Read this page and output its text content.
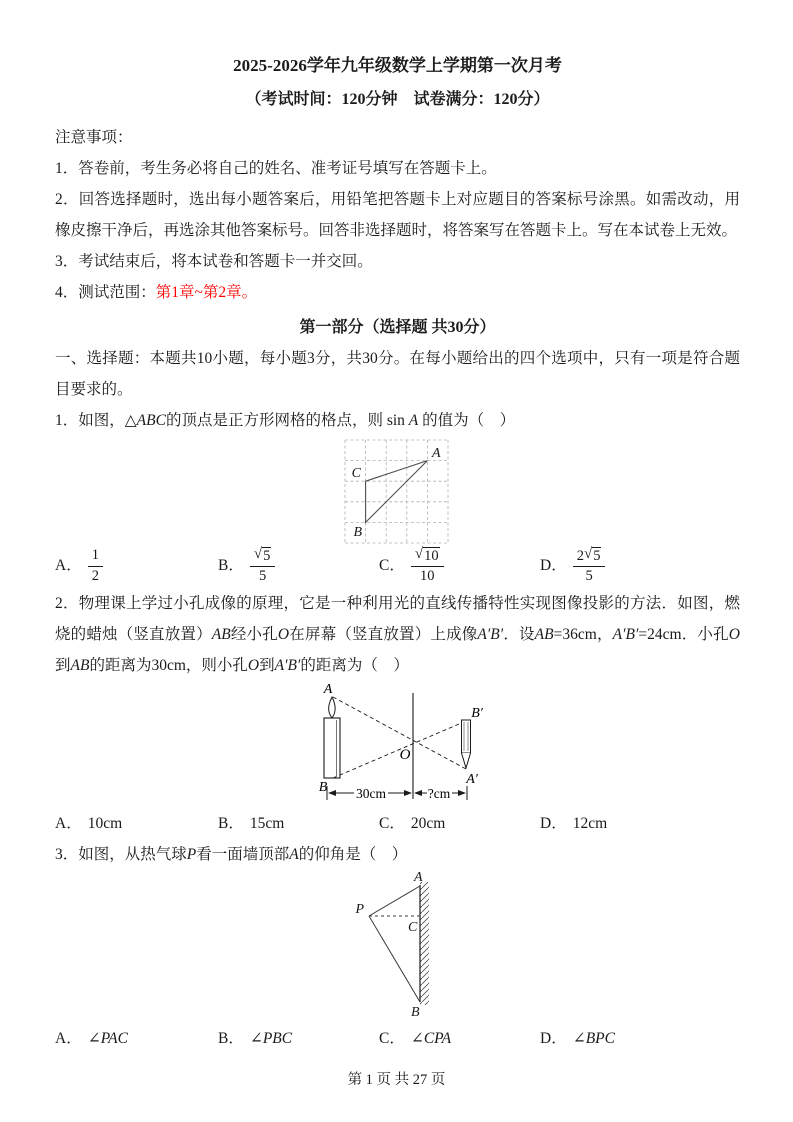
2025-2026学年九年级数学上学期第一次月考
（考试时间：120分钟　试卷满分：120分）
注意事项：
1．答卷前，考生务必将自己的姓名、准考证号填写在答题卡上。
2．回答选择题时，选出每小题答案后，用铅笔把答题卡上对应题目的答案标号涂黑。如需改动，用橡皮擦干净后，再选涂其他答案标号。回答非选择题时，将答案写在答题卡上。写在本试卷上无效。
3．考试结束后，将本试卷和答题卡一并交回。
4．测试范围：第1章~第2章。
第一部分（选择题 共30分）
一、选择题：本题共10小题，每小题3分，共30分。在每小题给出的四个选项中，只有一项是符合题目要求的。
1．如图，△ABC的顶点是正方形网格的格点，则 sin A 的值为（　）
A
C
B
A． $\frac{1}{2}$	B． $\frac{√ 5}{5}$	C． $\frac{√ 10}{10}$	D． $\frac{2 √ 5}{5}$
2．物理课上学过小孔成像的原理，它是一种利用光的直线传播特性实现图像投影的方法．如图，燃烧的蜡烛（竖直放置）AB经小孔O在屏幕（竖直放置）上成像A′B′．设AB=36cm，A′B′=24cm．小孔O到AB的距离为30cm，则小孔O到A′B′的距离为（　）
A
B
O
B′
A′
30cm	?cm
A． 10cm	B． 15cm	C． 20cm	D． 12cm
3．如图，从热气球P看一面墙顶部A的仰角是（　）
A
P
C
B
A． ∠PAC	B． ∠PBC	C． ∠CPA	D． ∠BPC
第 1 页 共 27 页
